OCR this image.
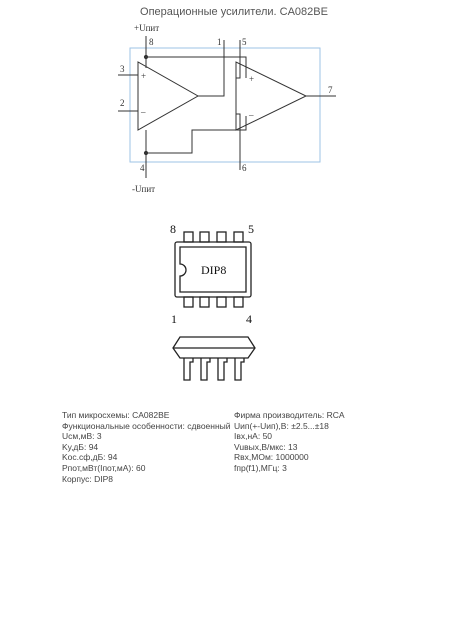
Операционные усилители. CA082BE
+Uпит
-Uпит
8	1 5
3
2
7
4	6
+
–
+
–
DIP8
8	5
1	4
Тип микросхемы: CA082BE
Функциональные особенности: сдвоенный
Uсм,мВ: 3
Kу,дБ: 94
Kос.сф,дБ: 94
Pпот,мВт(Iпот,мА): 60
Корпус: DIP8
Фирма производитель: RCA
Uип(+-Uип),В: ±2.5...±18
Iвх,нА: 50
Vuвых,В/мкс: 13
Rвх,МОм: 1000000
fпр(f1),МГц: 3
